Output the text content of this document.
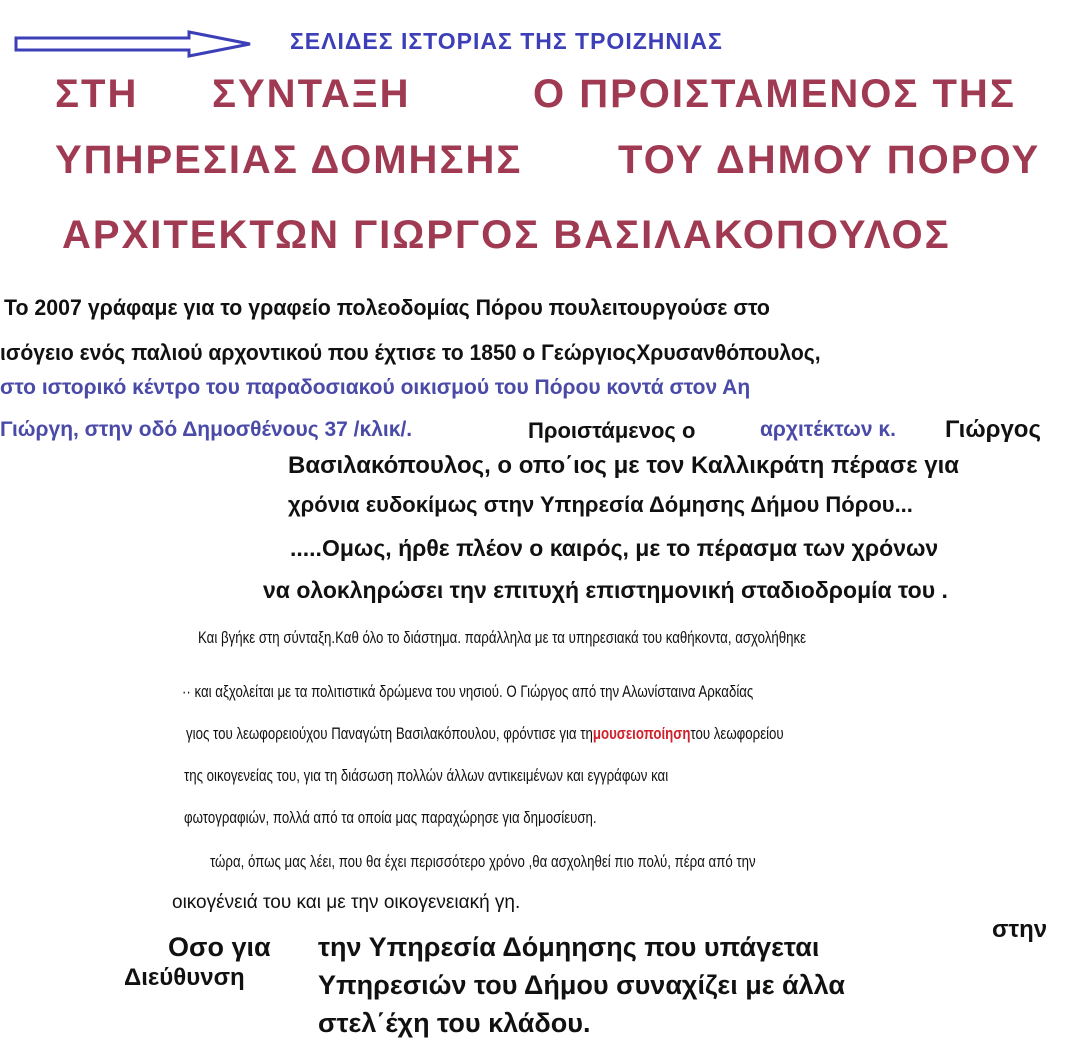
ΣΕΛΙΔΕΣ ΙΣΤΟΡΙΑΣ ΤΗΣ ΤΡΟΙΖΗΝΙΑΣ
ΣΤΗ ΣΥΝΤΑΞΗ	Ο ΠΡΟΙΣΤΑΜΕΝΟΣ ΤΗΣ
ΥΠΗΡΕΣΙΑΣ ΔΟΜΗΣΗΣ ΤΟΥ ΔΗΜΟΥ ΠΟΡΟΥ
ΑΡΧΙΤΕΚΤΩΝ ΓΙΩΡΓΟΣ ΒΑΣΙΛΑΚΟΠΟΥΛΟΣ
Το 2007 γράφαμε για το γραφείο πολεοδομίας Πόρου πουλειτουργούσε στο
ισόγειο ενός παλιού αρχοντικού που έχτισε το 1850 ο ΓεώργιοςΧρυσανθόπουλος,
στο ιστορικό κέντρο του παραδοσιακού οικισμού του Πόρου κοντά στον Αη
Γιώργη, στην οδό Δημοσθένους 37 /κλικ/.	Προιστάμενος ο	αρχιτέκτων κ. Γιώργος
Βασιλακόπουλος, ο οπο΄ιος με τον Καλλικράτη πέρασε για
χρόνια ευδοκίμως στην Υπηρεσία Δόμησης Δήμου Πόρου...
.....Ομως, ήρθε πλέον ο καιρός, με το πέρασμα των χρόνων
να ολοκληρώσει την επιτυχή επιστημονική σταδιοδρομία του .
Και βγήκε στη σύνταξη.Καθ όλο το διάστημα. παράλληλα με τα υπηρεσιακά του καθήκοντα, ασχολήθηκε
·· και αξχολείται με τα πολιτιστικά δρώμενα του νησιού. Ο Γιώργος από την Αλωνίσταινα Αρκαδίας
γιος του λεωφορειούχου Παναγώτη Βασιλακόπουλου, φρόντισε για τημουσειοποίησητου λεωφορείου
της οικογενείας του, για τη διάσωση πολλών άλλων αντικειμένων και εγγράφων και
φωτογραφιών, πολλά από τα οποία μας παραχώρησε για δημοσίευση.
τώρα, όπως μας λέει, που θα έχει περισσότερο χρόνο ,θα ασχοληθεί πιο πολύ, πέρα από την
οικογένειά του και με την οικογενειακή γη.
Οσο για την Υπηρεσία Δόμηησης που υπάγεται
στην
Διεύθυνση	Υπηρεσιών του Δήμου συναχίζει με άλλα
στελ΄έχη του κλάδου.
